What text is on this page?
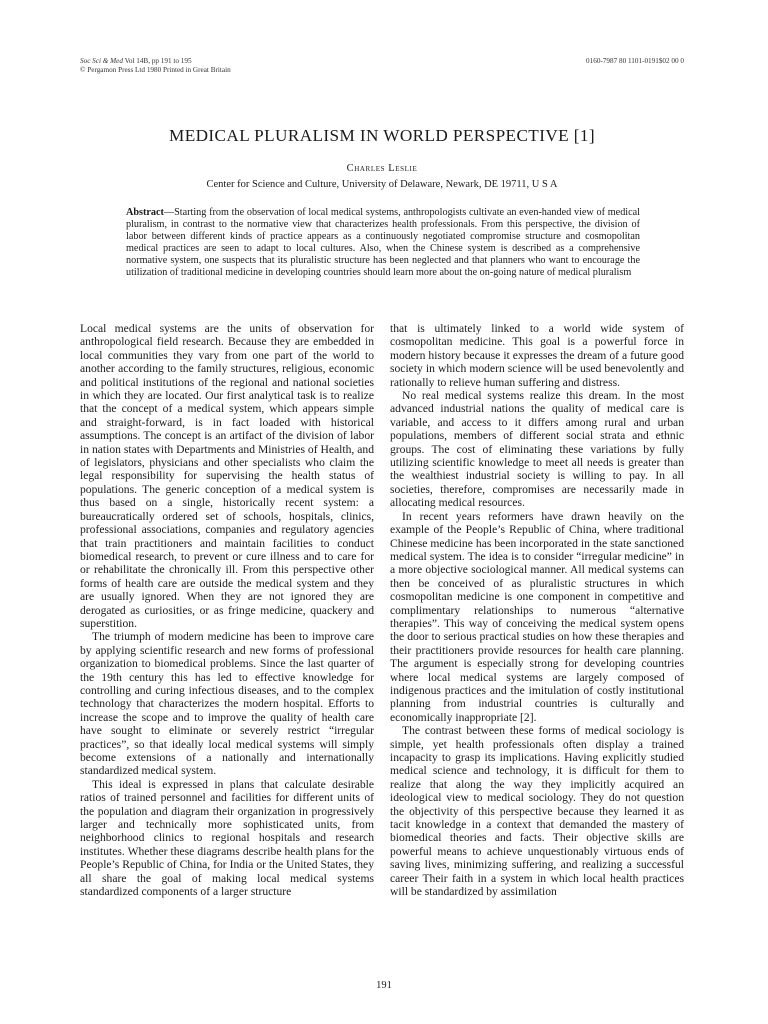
Soc Sci & Med Vol 14B, pp 191 to 195
© Pergamon Press Ltd 1980 Printed in Great Britain
0160-7987 80 1101-0191$02 00 0
MEDICAL PLURALISM IN WORLD PERSPECTIVE [1]
Charles Leslie
Center for Science and Culture, University of Delaware, Newark, DE 19711, U S A
Abstract—Starting from the observation of local medical systems, anthropologists cultivate an even-handed view of medical pluralism, in contrast to the normative view that characterizes health professionals. From this perspective, the division of labor between different kinds of practice appears as a continuously negotiated compromise structure and cosmopolitan medical practices are seen to adapt to local cultures. Also, when the Chinese system is described as a comprehensive normative system, one suspects that its pluralistic structure has been neglected and that planners who want to encourage the utilization of traditional medicine in developing countries should learn more about the on-going nature of medical pluralism

Local medical systems are the units of observation for anthropological field research. Because they are embedded in local communities they vary from one part of the world to another according to the family structures, religious, economic and political institutions of the regional and national societies in which they are located. Our first analytical task is to realize that the concept of a medical system, which appears simple and straight-forward, is in fact loaded with historical assumptions. The concept is an artifact of the division of labor in nation states with Departments and Ministries of Health, and of legislators, physicians and other specialists who claim the legal responsibility for supervising the health status of populations. The generic conception of a medical system is thus based on a single, historically recent system: a bureaucratically ordered set of schools, hospitals, clinics, professional associations, companies and regulatory agencies that train practitioners and maintain facilities to conduct biomedical research, to prevent or cure illness and to care for or rehabilitate the chronically ill. From this perspective other forms of health care are outside the medical system and they are usually ignored. When they are not ignored they are derogated as curiosities, or as fringe medicine, quackery and superstition.

The triumph of modern medicine has been to improve care by applying scientific research and new forms of professional organization to biomedical problems. Since the last quarter of the 19th century this has led to effective knowledge for controlling and curing infectious diseases, and to the complex technology that characterizes the modern hospital. Efforts to increase the scope and to improve the quality of health care have sought to eliminate or severely restrict “irregular practices”, so that ideally local medical systems will simply become extensions of a nationally and internationally standardized medical system.

This ideal is expressed in plans that calculate desirable ratios of trained personnel and facilities for different units of the population and diagram their organization in progressively larger and technically more sophisticated units, from neighborhood clinics to regional hospitals and research institutes. Whether these diagrams describe health plans for the People’s Republic of China, for India or the United States, they all share the goal of making local medical systems standardized components of a larger structure

that is ultimately linked to a world wide system of cosmopolitan medicine. This goal is a powerful force in modern history because it expresses the dream of a future good society in which modern science will be used benevolently and rationally to relieve human suffering and distress.

No real medical systems realize this dream. In the most advanced industrial nations the quality of medical care is variable, and access to it differs among rural and urban populations, members of different social strata and ethnic groups. The cost of eliminating these variations by fully utilizing scientific knowledge to meet all needs is greater than the wealthiest industrial society is willing to pay. In all societies, therefore, compromises are necessarily made in allocating medical resources.

In recent years reformers have drawn heavily on the example of the People’s Republic of China, where traditional Chinese medicine has been incorporated in the state sanctioned medical system. The idea is to consider “irregular medicine” in a more objective sociological manner. All medical systems can then be conceived of as pluralistic structures in which cosmopolitan medicine is one component in competitive and complimentary relationships to numerous “alternative therapies”. This way of conceiving the medical system opens the door to serious practical studies on how these therapies and their practitioners provide resources for health care planning. The argument is especially strong for developing countries where local medical systems are largely composed of indigenous practices and the imitulation of costly institutional planning from industrial countries is culturally and economically inappropriate [2].

The contrast between these forms of medical sociology is simple, yet health professionals often display a trained incapacity to grasp its implications. Having explicitly studied medical science and technology, it is difficult for them to realize that along the way they implicitly acquired an ideological view to medical sociology. They do not question the objectivity of this perspective because they learned it as tacit knowledge in a context that demanded the mastery of biomedical theories and facts. Their objective skills are powerful means to achieve unquestionably virtuous ends of saving lives, minimizing suffering, and realizing a successful career Their faith in a system in which local health practices will be standardized by assimilation

191
